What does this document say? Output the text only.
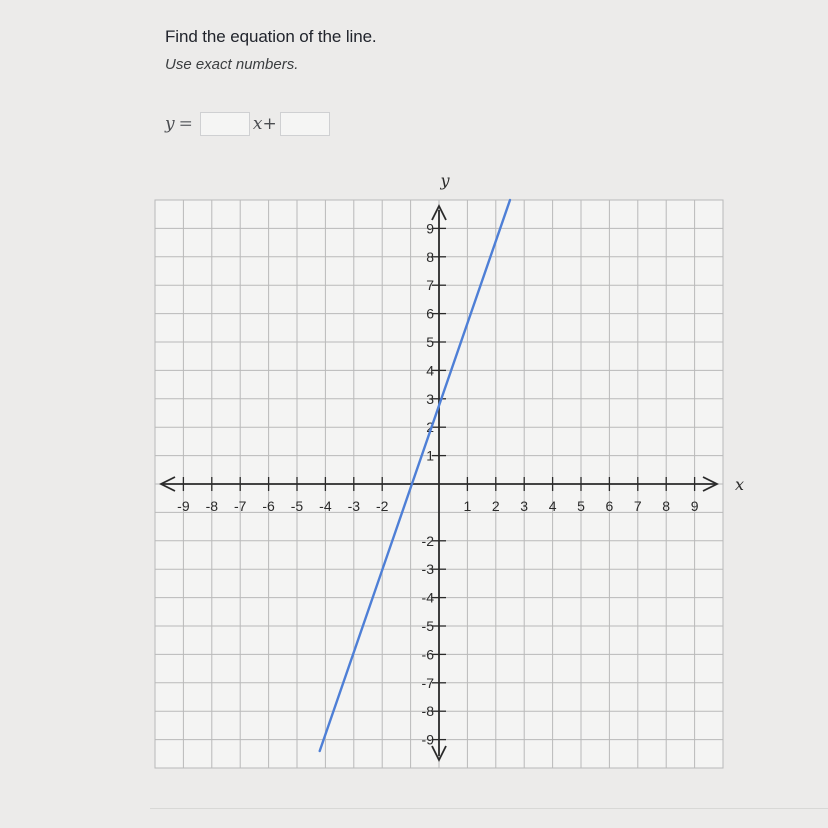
Find the equation of the line.
Use exact numbers.
y =	x+
-9 -8 -7 -6 -5 -4 -3 -2	1 2 3 4 5 6 7 8 9
-9
-8
-7
-6
-5
-4
-3
-2
1
2
3
4
5
6
7
8
9
x
y
